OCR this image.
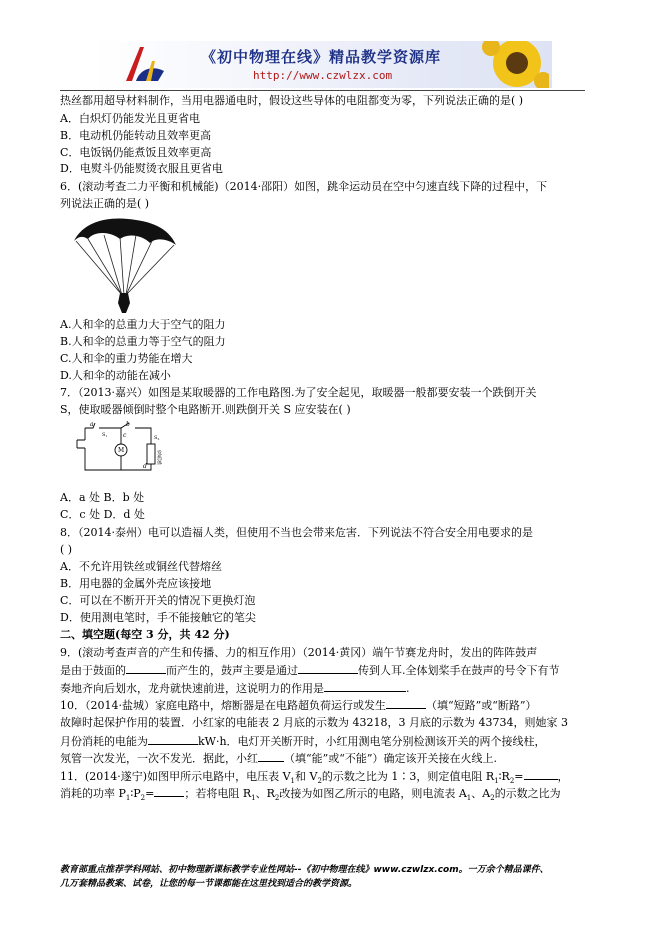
《初中物理在线》精品教学资源库
http://www.czwlzx.com
热丝都用超导材料制作，当用电器通电时，假设这些导体的电阻都变为零，下列说法正确的是( )
A．白炽灯仍能发光且更省电
B．电动机仍能转动且效率更高
C．电饭锅仍能煮饭且效率更高
D．电熨斗仍能熨烫衣服且更省电
6．(滚动考查二力平衡和机械能)（2014·邵阳）如图，跳伞运动员在空中匀速直线下降的过程中，下
列说法正确的是( )
A.人和伞的总重力大于空气的阻力
B.人和伞的总重力等于空气的阻力
C.人和伞的重力势能在增大
D.人和伞的动能在减小
7．（2013·嘉兴）如图是某取暖器的工作电路图.为了安全起见，取暖器一般都要安装一个跌倒开关
S，使取暖器倾倒时整个电路断开.则跌倒开关 S 应安装在( )
a	b
c
d
$S_1$	$S_2$
M	发热体
A．a 处 B．b 处
C．c 处 D．d 处
8．（2014·泰州）电可以造福人类，但使用不当也会带来危害．下列说法不符合安全用电要求的是
( )
A．不允许用铁丝或铜丝代替熔丝
B．用电器的金属外壳应该接地
C．可以在不断开开关的情况下更换灯泡
D．使用测电笔时，手不能接触它的笔尖
二、填空题(每空 3 分，共 42 分)
9．(滚动考查声音的产生和传播、力的相互作用）（2014·黄冈）端午节赛龙舟时，发出的阵阵鼓声
是由于鼓面的	而产生的，鼓声主要是通过	传到人耳.全体划桨手在鼓声的号令下有节
奏地齐向后划水，龙舟就快速前进，这说明力的作用是	.
10．（2014·盐城）家庭电路中，熔断器是在电路超负荷运行或发生	（填“短路”或“断路”）
故障时起保护作用的装置．小红家的电能表 2 月底的示数为 43218，3 月底的示数为 43734，则她家 3
月份消耗的电能为	kW·h．电灯开关断开时，小红用测电笔分别检测该开关的两个接线柱，
氖管一次发光，一次不发光．据此，小红 （填“能”或“不能”）确定该开关接在火线上.
11．(2014·遂宁)如图甲所示电路中，电压表 $V_1$和 $V_2$的示数之比为 1∶3，则定值电阻 $R_1∶R_2=$	，
消耗的功率 $P_1∶P_2=$	；若将电阻 $R_1$、$R_2$改接为如图乙所示的电路，则电流表 $A_1$、$A_2$的示数之比为
教育部重点推荐学科网站、初中物理新课标教学专业性网站--《初中物理在线》www.czwlzx.com。一万余个精品课件、
几万套精品教案、试卷，让您的每一节课都能在这里找到适合的教学资源。
